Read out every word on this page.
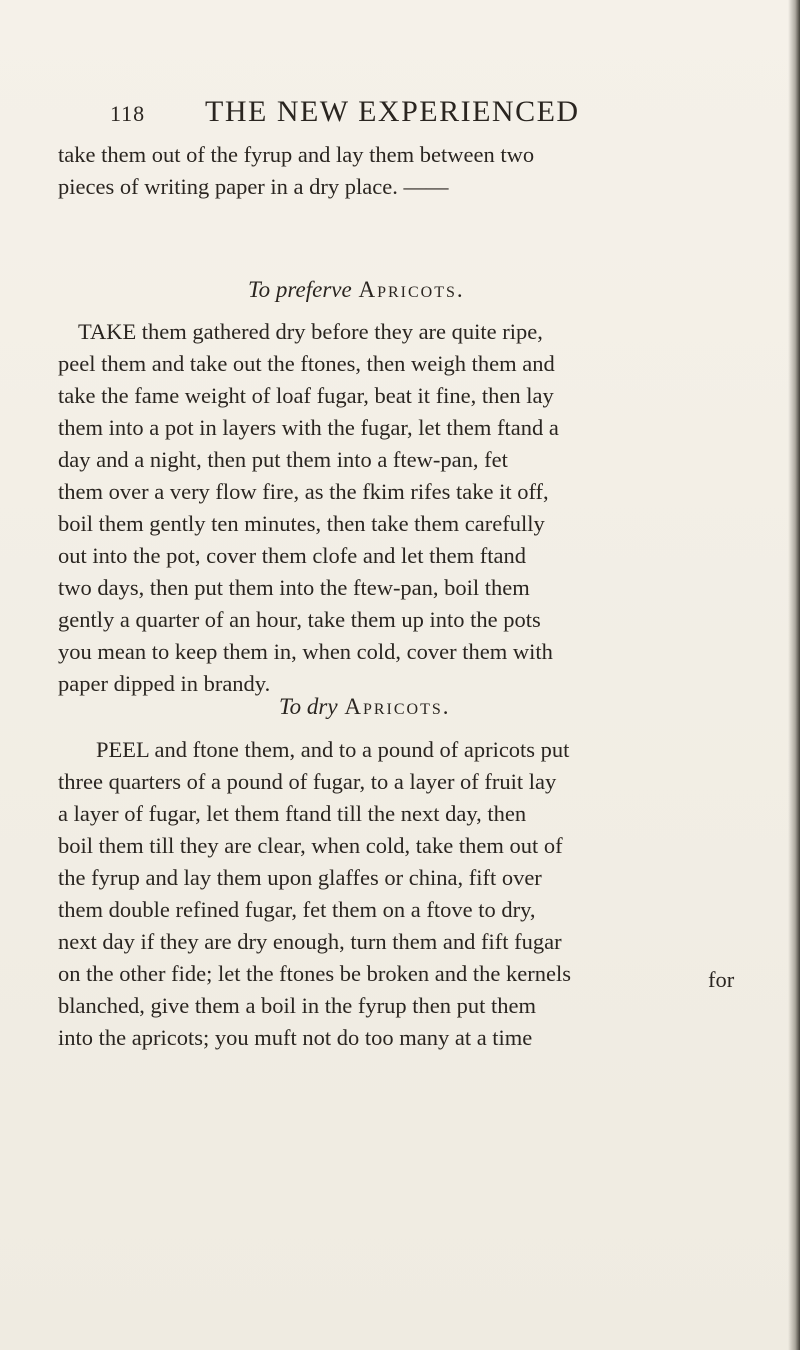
118 THE NEW EXPERIENCED
take them out of the fyrup and lay them between two
pieces of writing paper in a dry place. ——
To preferve Apricots.
TAKE them gathered dry before they are quite ripe,
peel them and take out the ftones, then weigh them and
take the fame weight of loaf fugar, beat it fine, then lay
them into a pot in layers with the fugar, let them ftand a
day and a night, then put them into a ftew-pan, fet
them over a very flow fire, as the fkim rifes take it off,
boil them gently ten minutes, then take them carefully
out into the pot, cover them clofe and let them ftand
two days, then put them into the ftew-pan, boil them
gently a quarter of an hour, take them up into the pots
you mean to keep them in, when cold, cover them with
paper dipped in brandy.
To dry Apricots.
PEEL and ftone them, and to a pound of apricots put
three quarters of a pound of fugar, to a layer of fruit lay
a layer of fugar, let them ftand till the next day, then
boil them till they are clear, when cold, take them out of
the fyrup and lay them upon glaffes or china, fift over
them double refined fugar, fet them on a ftove to dry,
next day if they are dry enough, turn them and fift fugar
on the other fide; let the ftones be broken and the kernels
blanched, give them a boil in the fyrup then put them
into the apricots; you muft not do too many at a time
for
